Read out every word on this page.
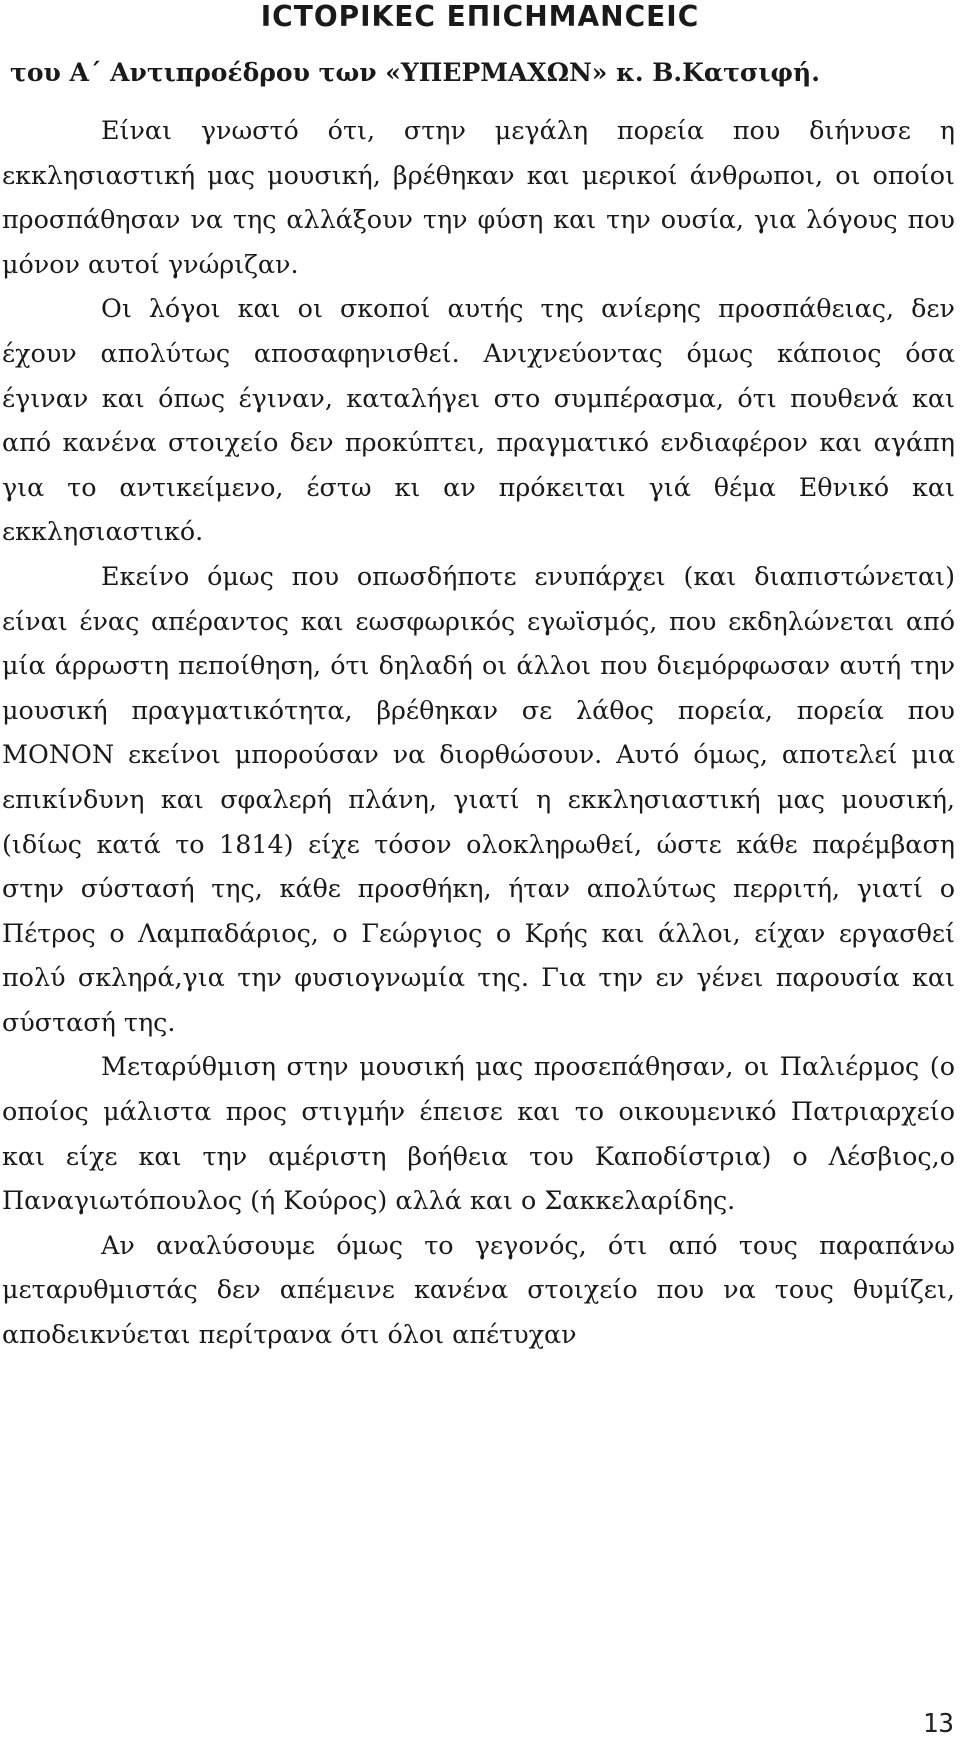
ΙϹΤΟΡΙΚΕϹ ΕΠΙϹΗΜΑΝϹΕΙϹ

του Α΄ Αντιπροέδρου των «ΥΠΕΡΜΑΧΩΝ» κ. Β.Κατσιφή.

Είναι γνωστό ότι, στην μεγάλη πορεία που διήνυσε η εκκλησιαστική μας μουσική, βρέθηκαν και μερικοί άνθρωποι, οι οποίοι προσπάθησαν να της αλλάξουν την φύση και την ουσία, για λόγους που μόνον αυτοί γνώριζαν.

Οι λόγοι και οι σκοποί αυτής της ανίερης προσπάθειας, δεν έχουν απολύτως αποσαφηνισθεί. Ανιχνεύοντας όμως κάποιος όσα έγιναν και όπως έγιναν, καταλήγει στο συμπέρασμα, ότι πουθενά και από κανένα στοιχείο δεν προκύπτει, πραγματικό ενδιαφέρον και αγάπη για το αντικείμενο, έστω κι αν πρόκειται γιά θέμα Εθνικό και εκκλησιαστικό.

Εκείνο όμως που οπωσδήποτε ενυπάρχει (και διαπιστώνεται) είναι ένας απέραντος και εωσφωρικός εγωϊσμός, που εκδηλώνεται από μία άρρωστη πεποίθηση, ότι δηλαδή οι άλλοι που διεμόρφωσαν αυτή την μουσική πραγματικότητα, βρέθηκαν σε λάθος πορεία, πορεία που ΜΟΝΟΝ εκείνοι μπορούσαν να διορθώσουν. Αυτό όμως, αποτελεί μια επικίνδυνη και σφαλερή πλάνη, γιατί η εκκλησιαστική μας μουσική, (ιδίως κατά το 1814) είχε τόσον ολοκληρωθεί, ώστε κάθε παρέμβαση στην σύστασή της, κάθε προσθήκη, ήταν απολύτως περριτή, γιατί ο Πέτρος ο Λαμπαδάριος, ο Γεώργιος ο Κρής και άλλοι, είχαν εργασθεί πολύ σκληρά,για την φυσιογνωμία της. Για την εν γένει παρουσία και σύστασή της.

Μεταρύθμιση στην μουσική μας προσεπάθησαν, οι Παλιέρμος (ο οποίος μάλιστα προς στιγμήν έπεισε και το οικουμενικό Πατριαρχείο και είχε και την αμέριστη βοήθεια του Καποδίστρια) ο Λέσβιος,ο Παναγιωτόπουλος (ή Κούρος) αλλά και ο Σακκελαρίδης.

Αν αναλύσουμε όμως το γεγονός, ότι από τους παραπάνω μεταρυθμιστάς δεν απέμεινε κανένα στοιχείο που να τους θυμίζει, αποδεικνύεται περίτρανα ότι όλοι απέτυχαν

13
